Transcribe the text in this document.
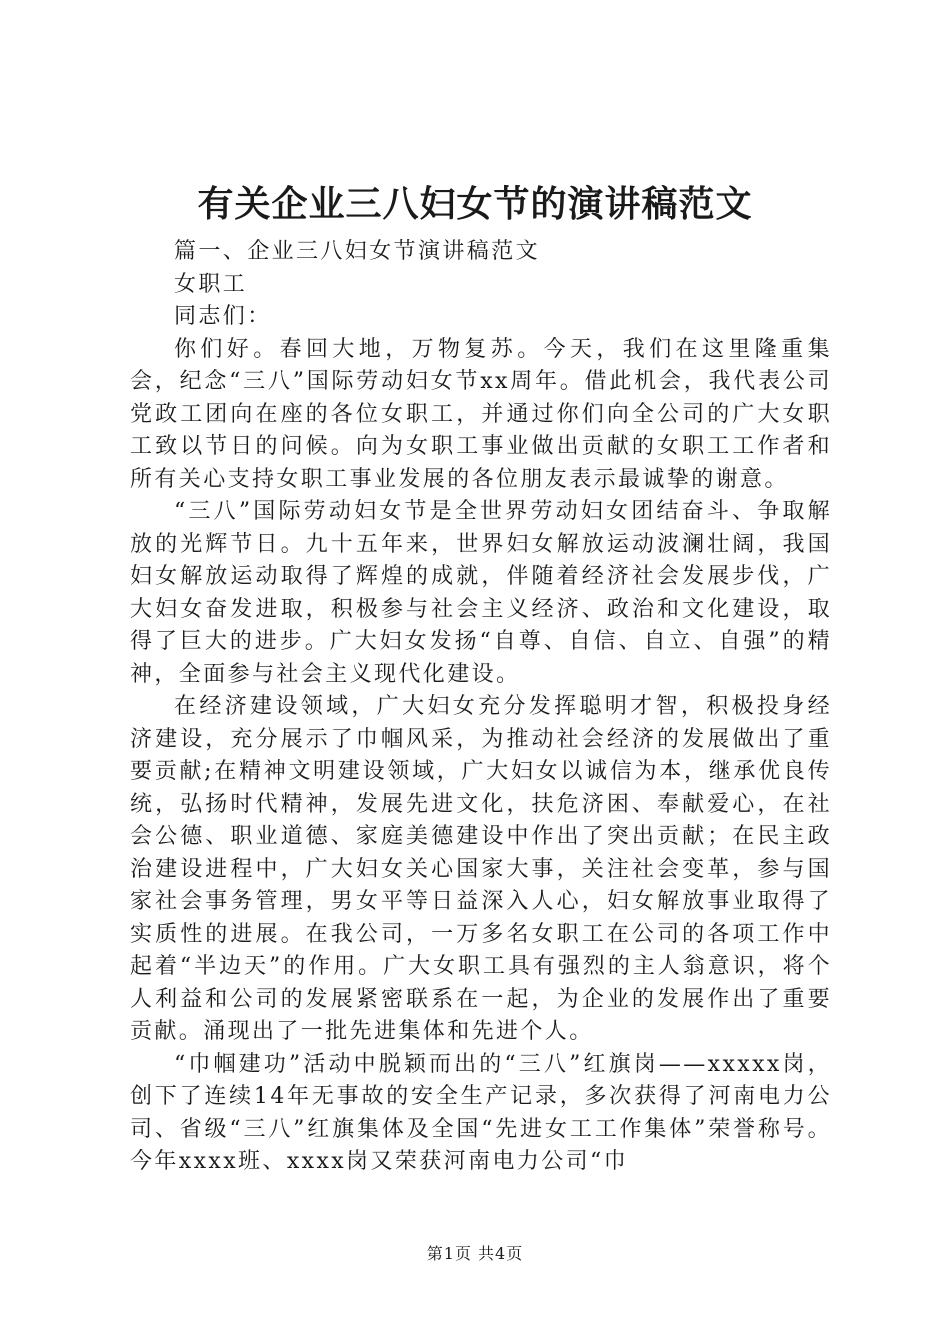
有关企业三八妇女节的演讲稿范文

篇一、企业三八妇女节演讲稿范文

女职工

同志们：

你们好。春回大地，万物复苏。今天，我们在这里隆重集会，纪念“三八”国际劳动妇女节xx周年。借此机会，我代表公司党政工团向在座的各位女职工，并通过你们向全公司的广大女职工致以节日的问候。向为女职工事业做出贡献的女职工工作者和所有关心支持女职工事业发展的各位朋友表示最诚挚的谢意。

“三八”国际劳动妇女节是全世界劳动妇女团结奋斗、争取解放的光辉节日。九十五年来，世界妇女解放运动波澜壮阔，我国妇女解放运动取得了辉煌的成就，伴随着经济社会发展步伐，广大妇女奋发进取，积极参与社会主义经济、政治和文化建设，取得了巨大的进步。广大妇女发扬“自尊、自信、自立、自强”的精神，全面参与社会主义现代化建设。

在经济建设领域，广大妇女充分发挥聪明才智，积极投身经济建设，充分展示了巾帼风采，为推动社会经济的发展做出了重要贡献;在精神文明建设领域，广大妇女以诚信为本，继承优良传统，弘扬时代精神，发展先进文化，扶危济困、奉献爱心，在社会公德、职业道德、家庭美德建设中作出了突出贡献；在民主政治建设进程中，广大妇女关心国家大事，关注社会变革，参与国家社会事务管理，男女平等日益深入人心，妇女解放事业取得了实质性的进展。在我公司，一万多名女职工在公司的各项工作中起着“半边天”的作用。广大女职工具有强烈的主人翁意识，将个人利益和公司的发展紧密联系在一起，为企业的发展作出了重要贡献。涌现出了一批先进集体和先进个人。

“巾帼建功”活动中脱颖而出的“三八”红旗岗——xxxxx岗，创下了连续14年无事故的安全生产记录，多次获得了河南电力公司、省级“三八”红旗集体及全国“先进女工工作集体”荣誉称号。今年xxxx班、xxxx岗又荣获河南电力公司“巾

第1页 共4页
